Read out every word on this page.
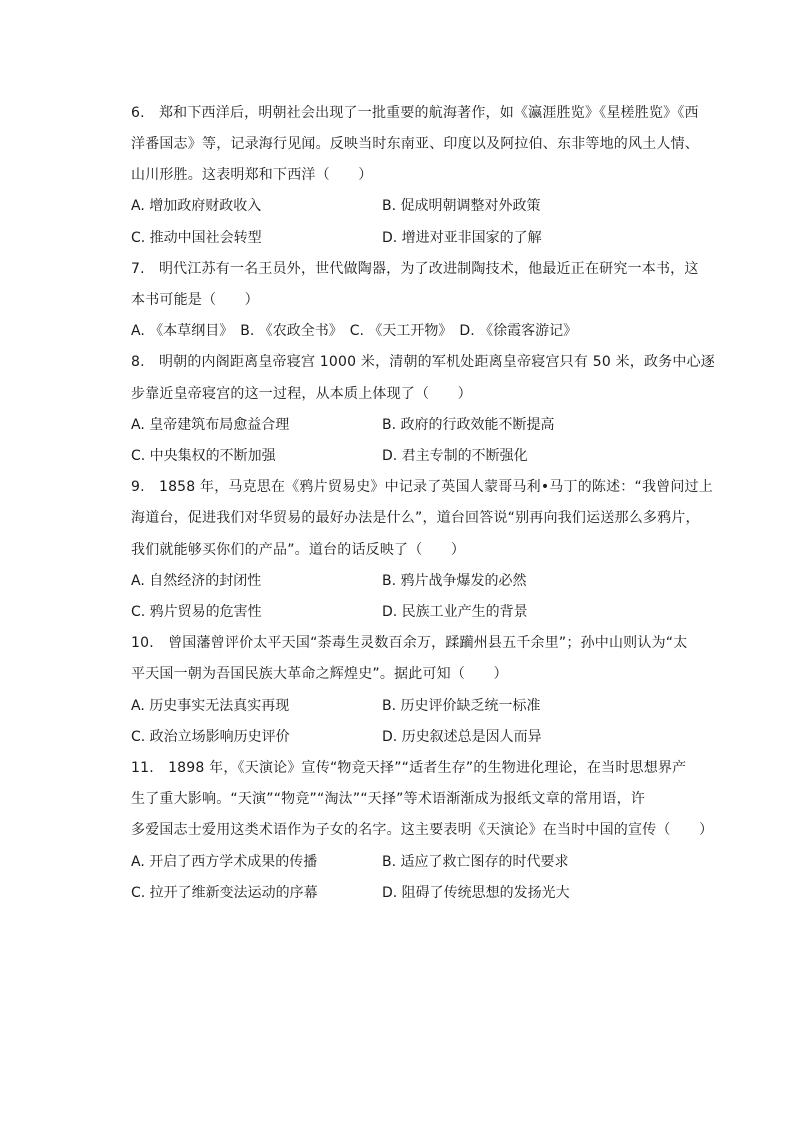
6.　郑和下西洋后，明朝社会出现了一批重要的航海著作，如《瀛涯胜览》《星槎胜览》《西
洋番国志》等，记录海行见闻。反映当时东南亚、印度以及阿拉伯、东非等地的风土人情、
山川形胜。这表明郑和下西洋（　　）
A. 增加政府财政收入	B. 促成明朝调整对外政策
C. 推动中国社会转型	D. 增进对亚非国家的了解
7.　明代江苏有一名王员外，世代做陶器，为了改进制陶技术，他最近正在研究一本书，这
本书可能是（　　）
A. 《本草纲目》　B. 《农政全书》　C. 《天工开物》　D. 《徐霞客游记》
8.　明朝的内阁距离皇帝寝宫 1000 米，清朝的军机处距离皇帝寝宫只有 50 米，政务中心逐
步靠近皇帝寝宫的这一过程，从本质上体现了（　　）
A. 皇帝建筑布局愈益合理	B. 政府的行政效能不断提高
C. 中央集权的不断加强	D. 君主专制的不断强化
9.　1858 年，马克思在《鸦片贸易史》中记录了英国人蒙哥马利•马丁的陈述：“我曾问过上
海道台，促进我们对华贸易的最好办法是什么”，道台回答说“别再向我们运送那么多鸦片，
我们就能够买你们的产品”。道台的话反映了（　　）
A. 自然经济的封闭性	B. 鸦片战争爆发的必然
C. 鸦片贸易的危害性	D. 民族工业产生的背景
10.　曾国藩曾评价太平天国“荼毒生灵数百余万，蹂躏州县五千余里”；孙中山则认为“太
平天国一朝为吾国民族大革命之辉煌史”。据此可知（　　）
A. 历史事实无法真实再现	B. 历史评价缺乏统一标准
C. 政治立场影响历史评价	D. 历史叙述总是因人而异
11.　1898 年，《天演论》宣传“物竞天择”“适者生存”的生物进化理论，在当时思想界产
生了重大影响。“天演”“物竞”“淘汰”“天择”等术语渐渐成为报纸文章的常用语，许
多爱国志士爱用这类术语作为子女的名字。这主要表明《天演论》在当时中国的宣传（　　）
A. 开启了西方学术成果的传播	B. 适应了救亡图存的时代要求
C. 拉开了维新变法运动的序幕	D. 阻碍了传统思想的发扬光大
